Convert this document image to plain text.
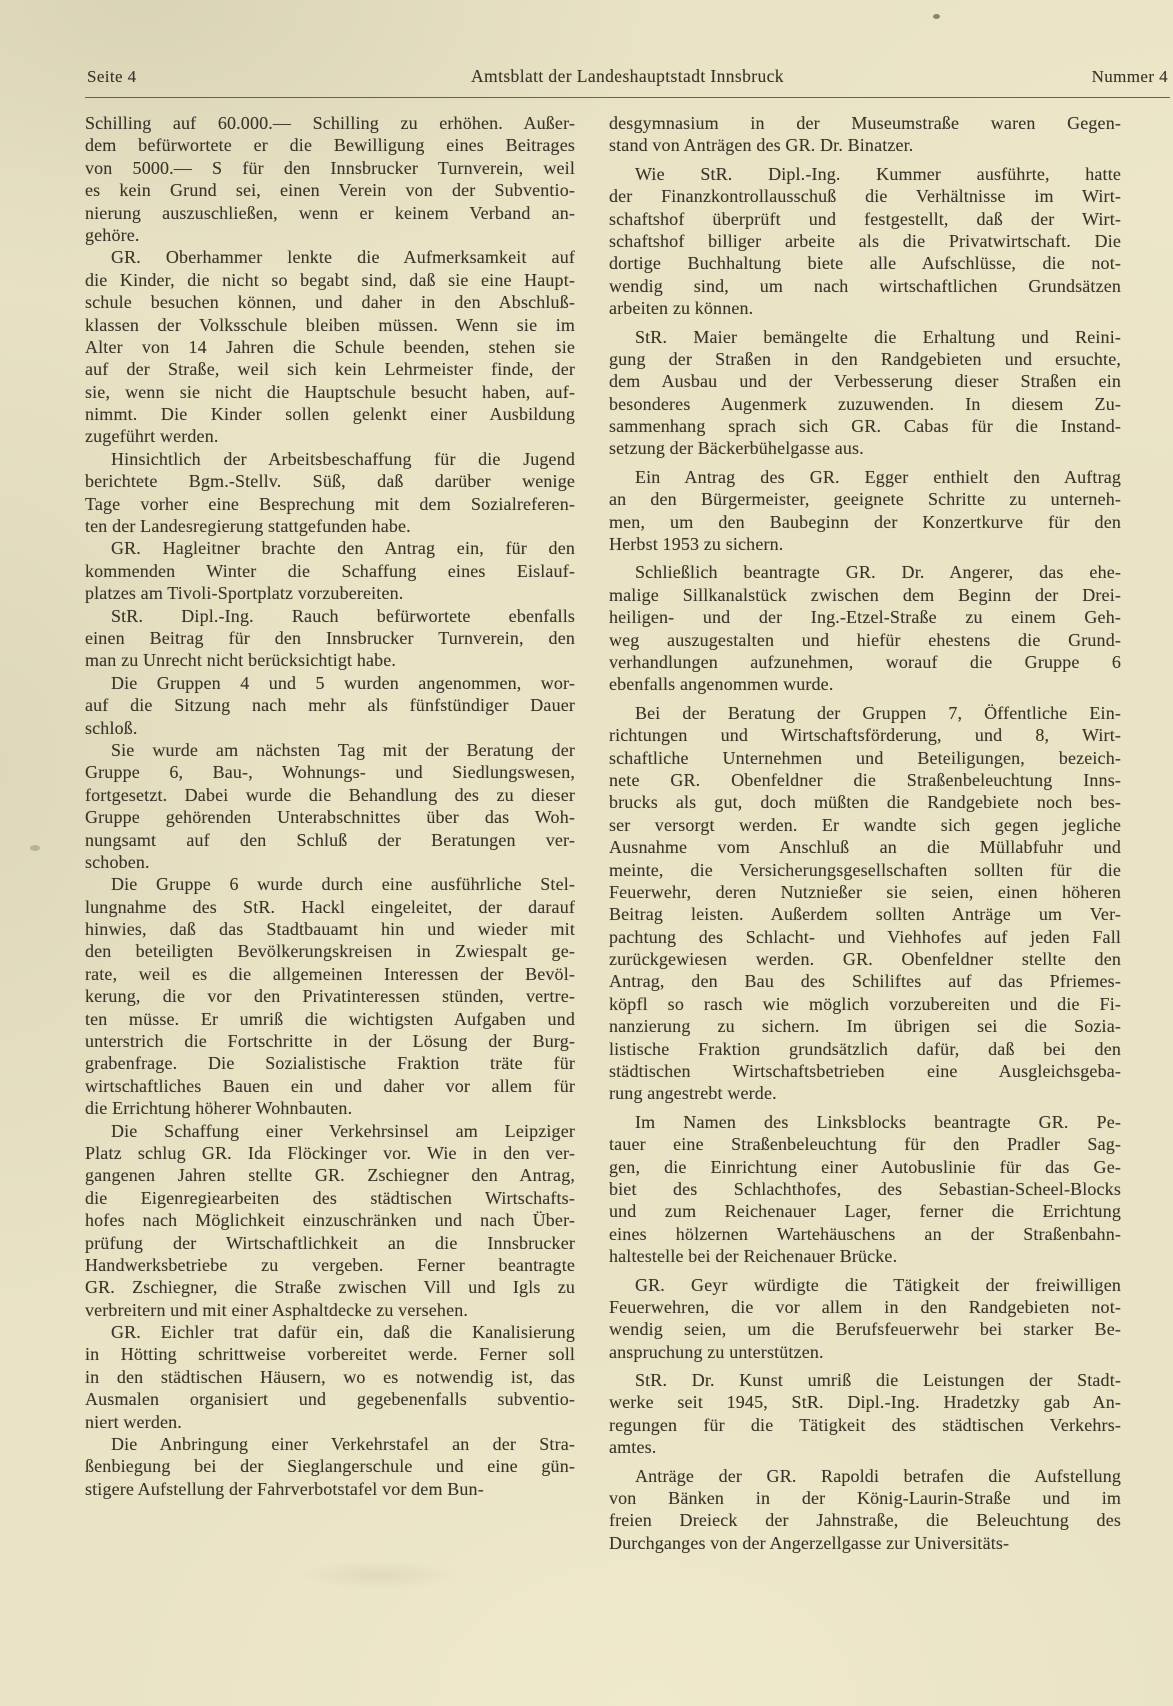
Seite 4	Amtsblatt der Landeshauptstadt Innsbruck	Nummer 4
Schilling auf 60.000.— Schilling zu erhöhen. Außer-
dem befürwortete er die Bewilligung eines Beitrages
von 5000.— S für den Innsbrucker Turnverein, weil
es kein Grund sei, einen Verein von der Subventio-
nierung auszuschließen, wenn er keinem Verband an-
gehöre.
GR. Oberhammer lenkte die Aufmerksamkeit auf
die Kinder, die nicht so begabt sind, daß sie eine Haupt-
schule besuchen können, und daher in den Abschluß-
klassen der Volksschule bleiben müssen. Wenn sie im
Alter von 14 Jahren die Schule beenden, stehen sie
auf der Straße, weil sich kein Lehrmeister finde, der
sie, wenn sie nicht die Hauptschule besucht haben, auf-
nimmt. Die Kinder sollen gelenkt einer Ausbildung
zugeführt werden.
Hinsichtlich der Arbeitsbeschaffung für die Jugend
berichtete Bgm.-Stellv. Süß, daß darüber wenige
Tage vorher eine Besprechung mit dem Sozialreferen-
ten der Landesregierung stattgefunden habe.
GR. Hagleitner brachte den Antrag ein, für den
kommenden Winter die Schaffung eines Eislauf-
platzes am Tivoli-Sportplatz vorzubereiten.
StR. Dipl.-Ing. Rauch befürwortete ebenfalls
einen Beitrag für den Innsbrucker Turnverein, den
man zu Unrecht nicht berücksichtigt habe.
Die Gruppen 4 und 5 wurden angenommen, wor-
auf die Sitzung nach mehr als fünfstündiger Dauer
schloß.
Sie wurde am nächsten Tag mit der Beratung der
Gruppe 6, Bau-, Wohnungs- und Siedlungswesen,
fortgesetzt. Dabei wurde die Behandlung des zu dieser
Gruppe gehörenden Unterabschnittes über das Woh-
nungsamt auf den Schluß der Beratungen ver-
schoben.
Die Gruppe 6 wurde durch eine ausführliche Stel-
lungnahme des StR. Hackl eingeleitet, der darauf
hinwies, daß das Stadtbauamt hin und wieder mit
den beteiligten Bevölkerungskreisen in Zwiespalt ge-
rate, weil es die allgemeinen Interessen der Bevöl-
kerung, die vor den Privatinteressen stünden, vertre-
ten müsse. Er umriß die wichtigsten Aufgaben und
unterstrich die Fortschritte in der Lösung der Burg-
grabenfrage. Die Sozialistische Fraktion träte für
wirtschaftliches Bauen ein und daher vor allem für
die Errichtung höherer Wohnbauten.
Die Schaffung einer Verkehrsinsel am Leipziger
Platz schlug GR. Ida Flöckinger vor. Wie in den ver-
gangenen Jahren stellte GR. Zschiegner den Antrag,
die Eigenregiearbeiten des städtischen Wirtschafts-
hofes nach Möglichkeit einzuschränken und nach Über-
prüfung der Wirtschaftlichkeit an die Innsbrucker
Handwerksbetriebe zu vergeben. Ferner beantragte
GR. Zschiegner, die Straße zwischen Vill und Igls zu
verbreitern und mit einer Asphaltdecke zu versehen.
GR. Eichler trat dafür ein, daß die Kanalisierung
in Hötting schrittweise vorbereitet werde. Ferner soll
in den städtischen Häusern, wo es notwendig ist, das
Ausmalen organisiert und gegebenenfalls subventio-
niert werden.
Die Anbringung einer Verkehrstafel an der Stra-
ßenbiegung bei der Sieglangerschule und eine gün-
stigere Aufstellung der Fahrverbotstafel vor dem Bun-
desgymnasium in der Museumstraße waren Gegen-
stand von Anträgen des GR. Dr. Binatzer.
Wie StR. Dipl.-Ing. Kummer ausführte, hatte
der Finanzkontrollausschuß die Verhältnisse im Wirt-
schaftshof überprüft und festgestellt, daß der Wirt-
schaftshof billiger arbeite als die Privatwirtschaft. Die
dortige Buchhaltung biete alle Aufschlüsse, die not-
wendig sind, um nach wirtschaftlichen Grundsätzen
arbeiten zu können.
StR. Maier bemängelte die Erhaltung und Reini-
gung der Straßen in den Randgebieten und ersuchte,
dem Ausbau und der Verbesserung dieser Straßen ein
besonderes Augenmerk zuzuwenden. In diesem Zu-
sammenhang sprach sich GR. Cabas für die Instand-
setzung der Bäckerbühelgasse aus.
Ein Antrag des GR. Egger enthielt den Auftrag
an den Bürgermeister, geeignete Schritte zu unterneh-
men, um den Baubeginn der Konzertkurve für den
Herbst 1953 zu sichern.
Schließlich beantragte GR. Dr. Angerer, das ehe-
malige Sillkanalstück zwischen dem Beginn der Drei-
heiligen- und der Ing.-Etzel-Straße zu einem Geh-
weg auszugestalten und hiefür ehestens die Grund-
verhandlungen aufzunehmen, worauf die Gruppe 6
ebenfalls angenommen wurde.
Bei der Beratung der Gruppen 7, Öffentliche Ein-
richtungen und Wirtschaftsförderung, und 8, Wirt-
schaftliche Unternehmen und Beteiligungen, bezeich-
nete GR. Obenfeldner die Straßenbeleuchtung Inns-
brucks als gut, doch müßten die Randgebiete noch bes-
ser versorgt werden. Er wandte sich gegen jegliche
Ausnahme vom Anschluß an die Müllabfuhr und
meinte, die Versicherungsgesellschaften sollten für die
Feuerwehr, deren Nutznießer sie seien, einen höheren
Beitrag leisten. Außerdem sollten Anträge um Ver-
pachtung des Schlacht- und Viehhofes auf jeden Fall
zurückgewiesen werden. GR. Obenfeldner stellte den
Antrag, den Bau des Schiliftes auf das Pfriemes-
köpfl so rasch wie möglich vorzubereiten und die Fi-
nanzierung zu sichern. Im übrigen sei die Sozia-
listische Fraktion grundsätzlich dafür, daß bei den
städtischen Wirtschaftsbetrieben eine Ausgleichsgeba-
rung angestrebt werde.
Im Namen des Linksblocks beantragte GR. Pe-
tauer eine Straßenbeleuchtung für den Pradler Sag-
gen, die Einrichtung einer Autobuslinie für das Ge-
biet des Schlachthofes, des Sebastian-Scheel-Blocks
und zum Reichenauer Lager, ferner die Errichtung
eines hölzernen Wartehäuschens an der Straßenbahn-
haltestelle bei der Reichenauer Brücke.
GR. Geyr würdigte die Tätigkeit der freiwilligen
Feuerwehren, die vor allem in den Randgebieten not-
wendig seien, um die Berufsfeuerwehr bei starker Be-
anspruchung zu unterstützen.
StR. Dr. Kunst umriß die Leistungen der Stadt-
werke seit 1945, StR. Dipl.-Ing. Hradetzky gab An-
regungen für die Tätigkeit des städtischen Verkehrs-
amtes.
Anträge der GR. Rapoldi betrafen die Aufstellung
von Bänken in der König-Laurin-Straße und im
freien Dreieck der Jahnstraße, die Beleuchtung des
Durchganges von der Angerzellgasse zur Universitäts-
